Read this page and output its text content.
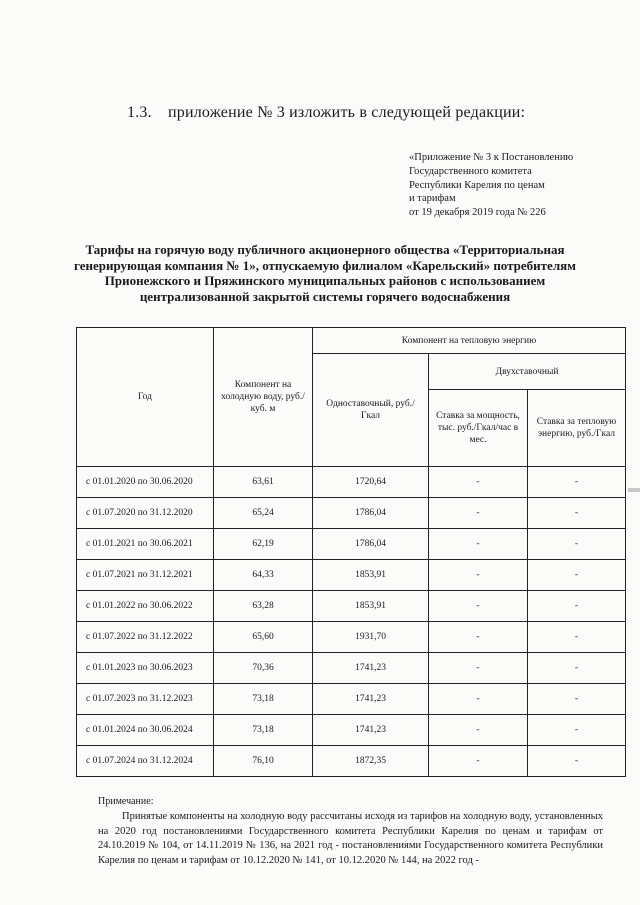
1.3. приложение № 3 изложить в следующей редакции:
«Приложение № 3 к Постановлению
Государственного комитета
Республики Карелия по ценам
и тарифам
от 19 декабря 2019 года № 226
Тарифы на горячую воду публичного акционерного общества «Территориальная генерирующая компания № 1», отпускаемую филиалом «Карельский» потребителям Прионежского и Пряжинского муниципальных районов с использованием централизованной закрытой системы горячего водоснабжения
Год	Компонент на холодную воду, руб./куб. м	Компонент на тепловую энергию		
		Одноставочный, руб./Гкал	Двухставочный	
			Ставка за мощность, тыс. руб./Гкал/час в мес.	Ставка за тепловую энергию, руб./Гкал
с 01.01.2020 по 30.06.2020	63,61	1720,64	-	-
с 01.07.2020 по 31.12.2020	65,24	1786,04	-	-
с 01.01.2021 по 30.06.2021	62,19	1786,04	-	-
с 01.07.2021 по 31.12.2021	64,33	1853,91	-	-
с 01.01.2022 по 30.06.2022	63,28	1853,91	-	-
с 01.07.2022 по 31.12.2022	65,60	1931,70	-	-
с 01.01.2023 по 30.06.2023	70,36	1741,23	-	-
с 01.07.2023 по 31.12.2023	73,18	1741,23	-	-
с 01.01.2024 по 30.06.2024	73,18	1741,23	-	-
с 01.07.2024 по 31.12.2024	76,10	1872,35	-	-
Примечание:
Принятые компоненты на холодную воду рассчитаны исходя из тарифов на холодную воду, установленных на 2020 год постановлениями Государственного комитета Республики Карелия по ценам и тарифам от 24.10.2019 № 104, от 14.11.2019 № 136, на 2021 год - постановлениями Государственного комитета Республики Карелия по ценам и тарифам от 10.12.2020 № 141, от 10.12.2020 № 144, на 2022 год -
